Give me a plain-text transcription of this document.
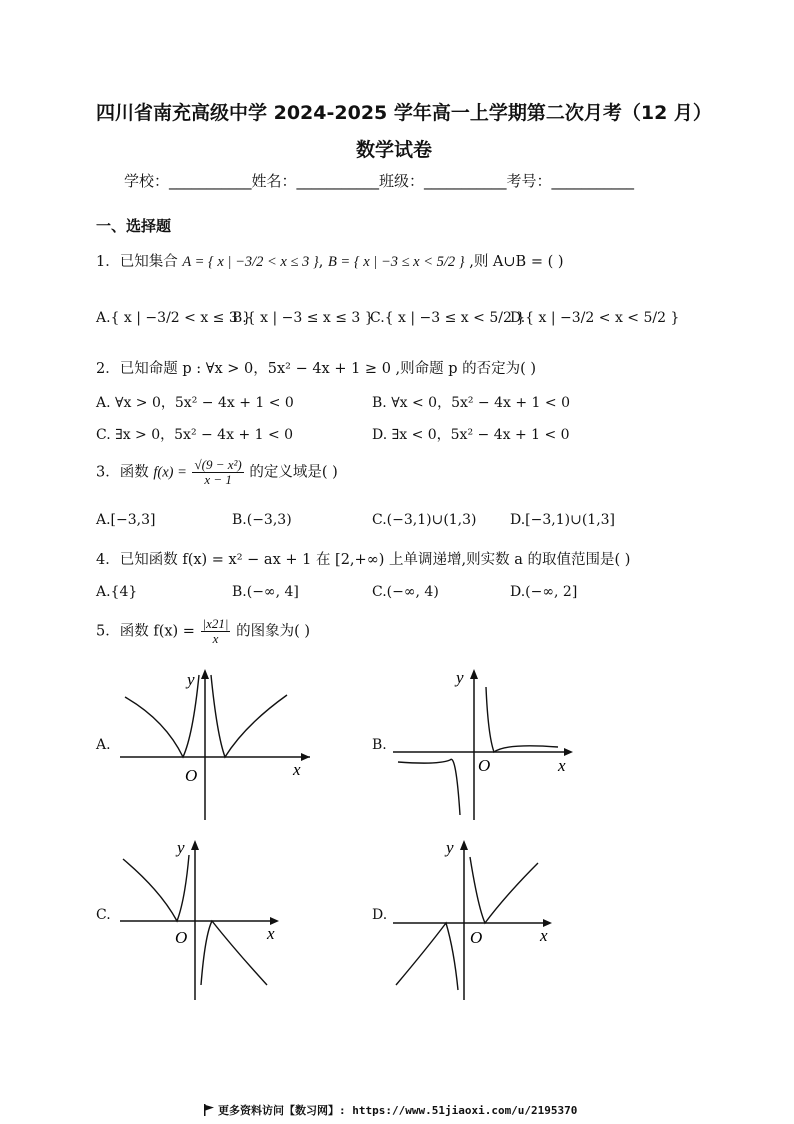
四川省南充高级中学 2024-2025 学年高一上学期第二次月考（12 月）
数学试卷
学校：___________姓名：___________班级：___________考号：___________
一、选择题
1．已知集合 A = { x | −3/2 < x ≤ 3 }, B = { x | −3 ≤ x < 5/2 } ,则 A∪B = ( )
A.{ x | −3/2 < x ≤ 3 }
B.{ x | −3 ≤ x ≤ 3 }
C.{ x | −3 ≤ x < 5/2 }
D.{ x | −3/2 < x < 5/2 }
2．已知命题 p : ∀x > 0，5x² − 4x + 1 ≥ 0 ,则命题 p 的否定为( )
A. ∀x > 0，5x² − 4x + 1 < 0	B. ∀x < 0，5x² − 4x + 1 < 0
C. ∃x > 0，5x² − 4x + 1 < 0	D. ∃x < 0，5x² − 4x + 1 < 0
3．函数 $f(x) = \frac{\text{√(9 − x²)}}{x - 1}$ 的定义域是( )
A.[−3,3]	B.(−3,3)	C.(−3,1)∪(1,3) D.[−3,1)∪(1,3]
4．已知函数 f(x) = x² − ax + 1 在 [2,+∞) 上单调递增,则实数 a 的取值范围是( )
A.{4}	B.(−∞, 4]	C.(−∞, 4)	D.(−∞, 2]
5．函数 $f(x) = \frac{|x21|}{x}$ 的图象为( )
A.
O	x
y
B.
O	x
y
C.
O	x
y
D.
O	x
y
更多资料访问【数习网】: https://www.51jiaoxi.com/u/2195370
